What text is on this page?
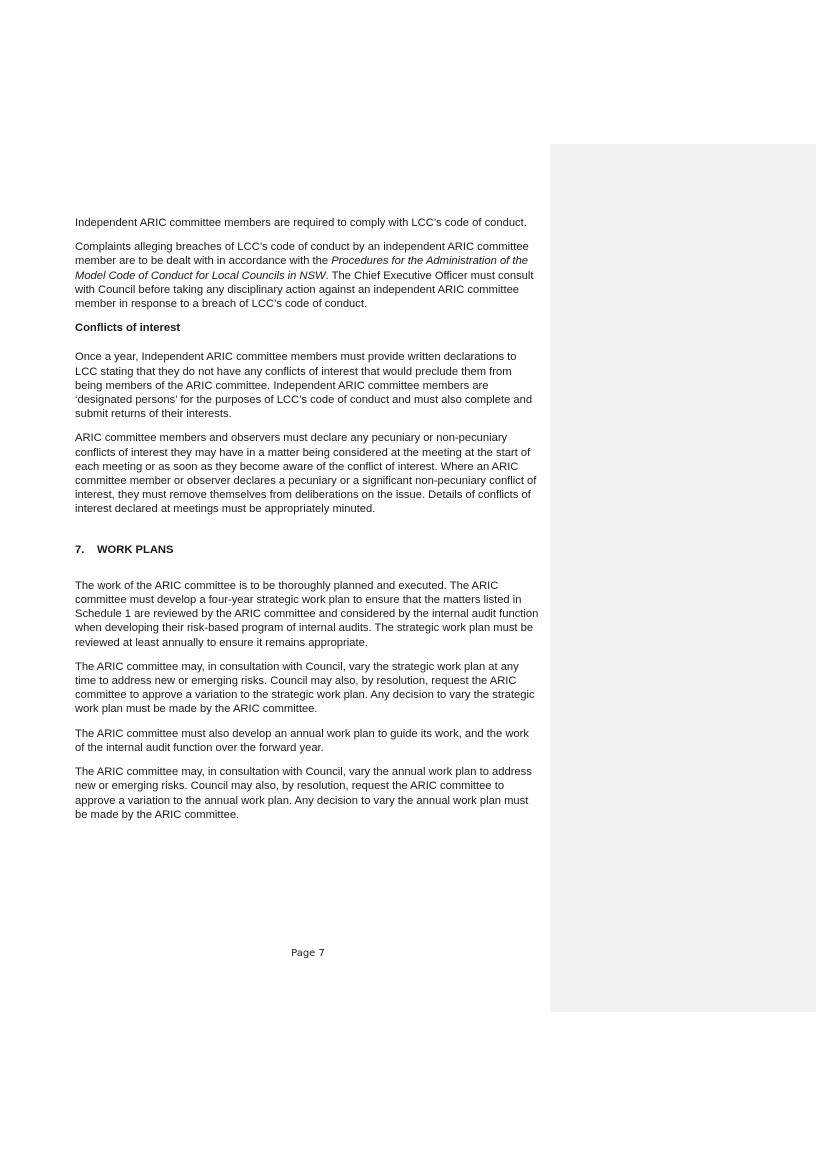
Independent ARIC committee members are required to comply with LCC’s code of conduct.

Complaints alleging breaches of LCC’s code of conduct by an independent ARIC committee member are to be dealt with in accordance with the Procedures for the Administration of the Model Code of Conduct for Local Councils in NSW. The Chief Executive Officer must consult with Council before taking any disciplinary action against an independent ARIC committee member in response to a breach of LCC’s code of conduct.

Conflicts of interest

Once a year, Independent ARIC committee members must provide written declarations to LCC stating that they do not have any conflicts of interest that would preclude them from being members of the ARIC committee. Independent ARIC committee members are ‘designated persons’ for the purposes of LCC’s code of conduct and must also complete and submit returns of their interests.

ARIC committee members and observers must declare any pecuniary or non-pecuniary conflicts of interest they may have in a matter being considered at the meeting at the start of each meeting or as soon as they become aware of the conflict of interest. Where an ARIC committee member or observer declares a pecuniary or a significant non-pecuniary conflict of interest, they must remove themselves from deliberations on the issue. Details of conflicts of interest declared at meetings must be appropriately minuted.

7. WORK PLANS

The work of the ARIC committee is to be thoroughly planned and executed. The ARIC committee must develop a four-year strategic work plan to ensure that the matters listed in Schedule 1 are reviewed by the ARIC committee and considered by the internal audit function when developing their risk-based program of internal audits. The strategic work plan must be reviewed at least annually to ensure it remains appropriate.

The ARIC committee may, in consultation with Council, vary the strategic work plan at any time to address new or emerging risks. Council may also, by resolution, request the ARIC committee to approve a variation to the strategic work plan. Any decision to vary the strategic work plan must be made by the ARIC committee.

The ARIC committee must also develop an annual work plan to guide its work, and the work of the internal audit function over the forward year.

The ARIC committee may, in consultation with Council, vary the annual work plan to address new or emerging risks. Council may also, by resolution, request the ARIC committee to approve a variation to the annual work plan. Any decision to vary the annual work plan must be made by the ARIC committee.

Page 7
